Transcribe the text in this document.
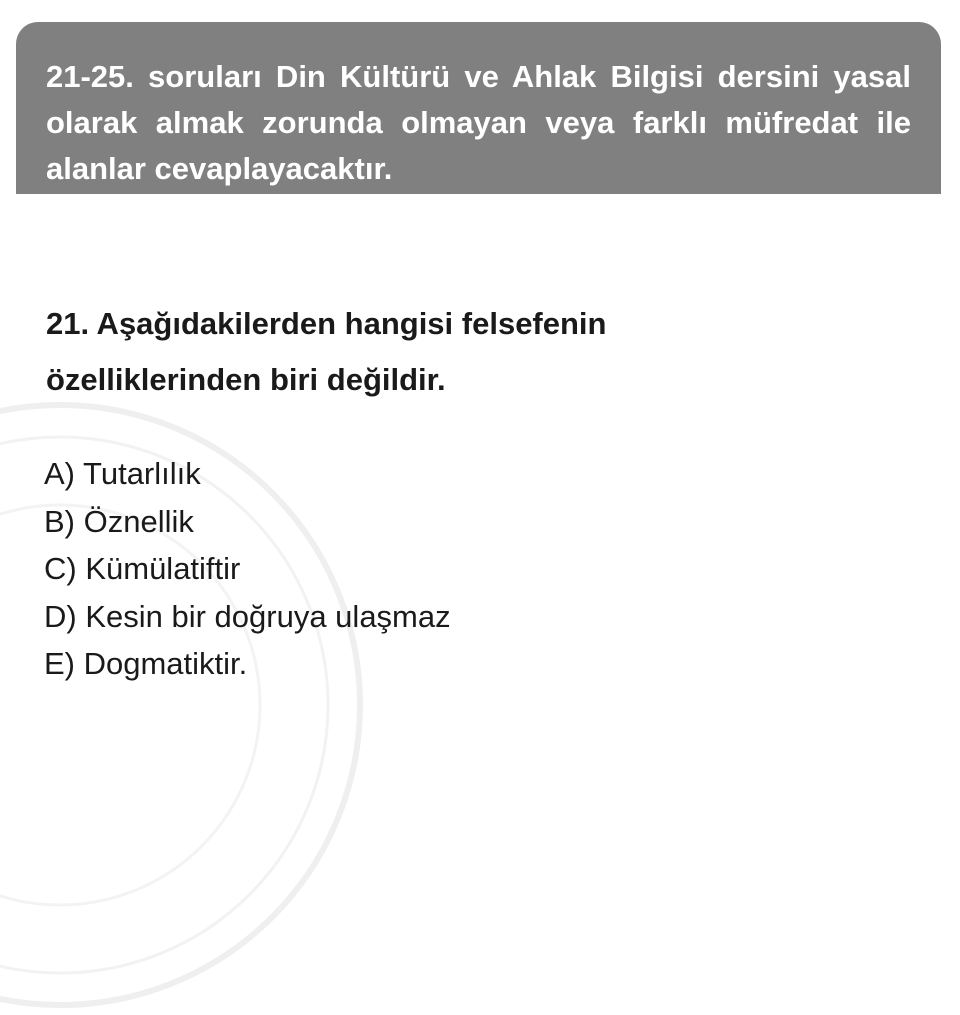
21-25. soruları Din Kültürü ve Ahlak Bilgisi dersini yasal olarak almak zorunda olmayan veya farklı müfredat ile alanlar cevaplayacaktır.
21. Aşağıdakilerden hangisi felsefenin
özelliklerinden biri değildir.
A) Tutarlılık
B) Öznellik
C) Kümülatiftir
D) Kesin bir doğruya ulaşmaz
E) Dogmatiktir.
